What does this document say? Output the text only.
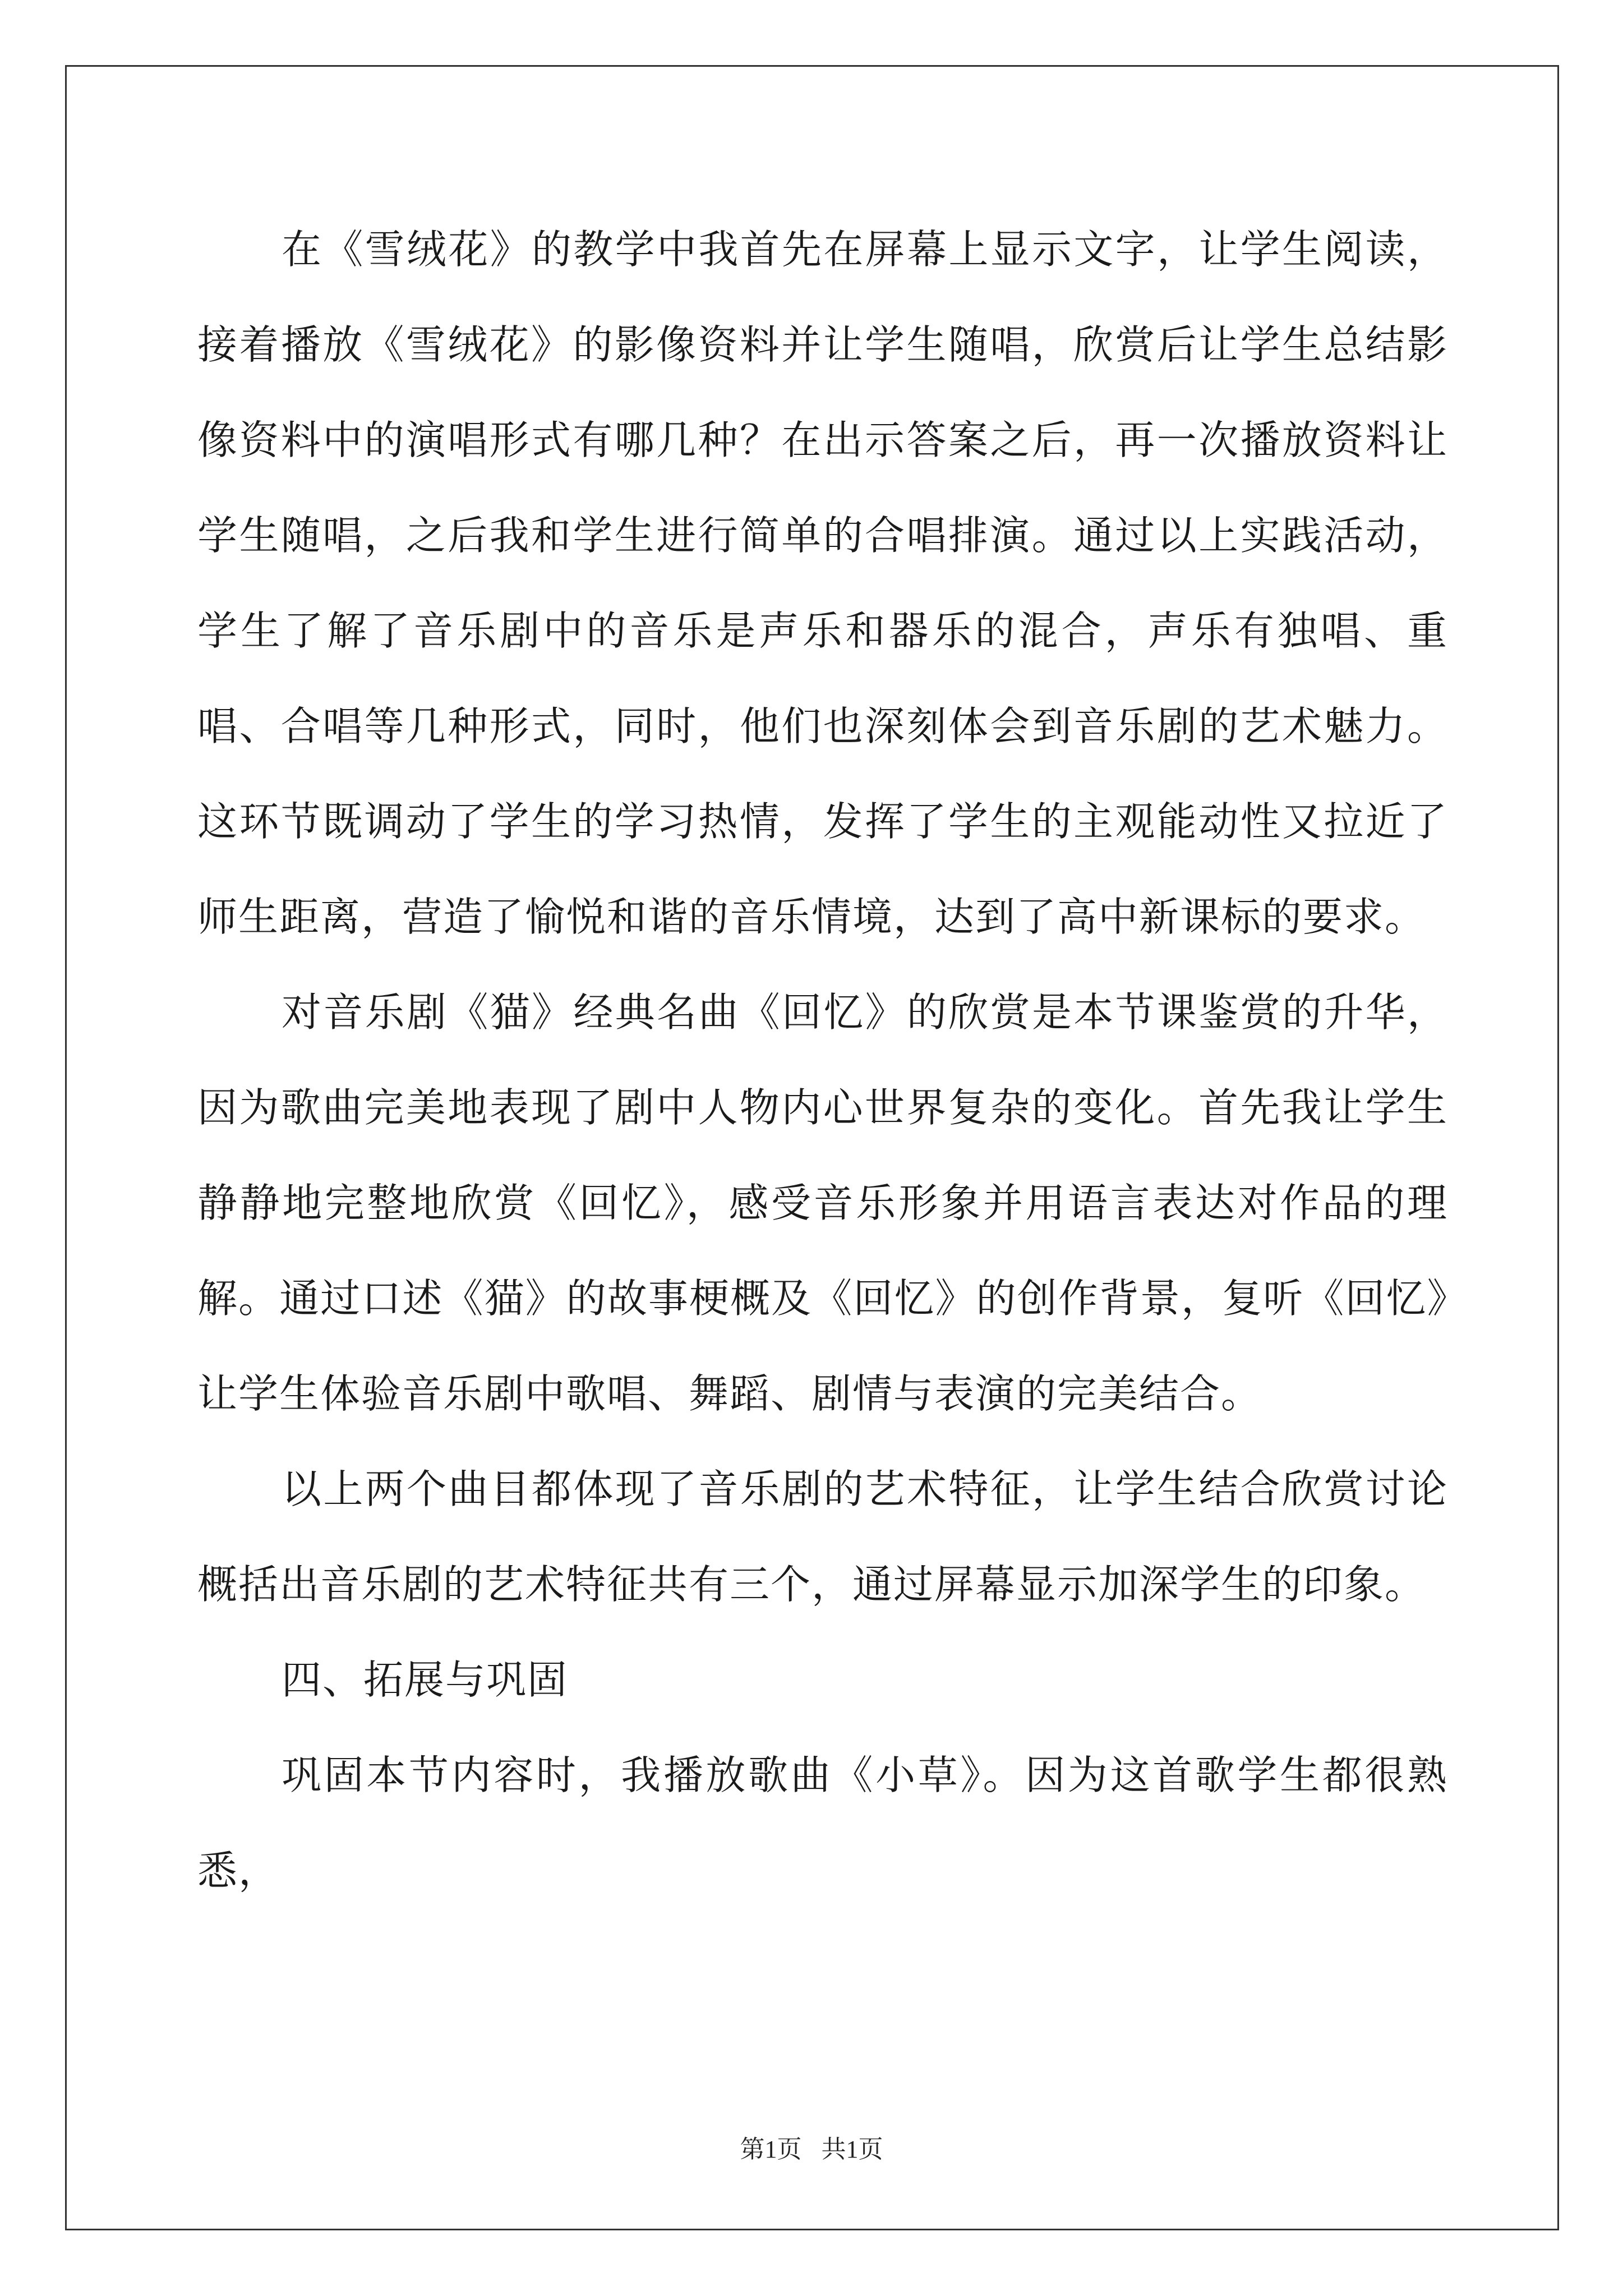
在《雪绒花》的教学中我首先在屏幕上显示文字，让学生阅读，接着播放《雪绒花》的影像资料并让学生随唱，欣赏后让学生总结影像资料中的演唱形式有哪几种？在出示答案之后，再一次播放资料让学生随唱，之后我和学生进行简单的合唱排演。通过以上实践活动，学生了解了音乐剧中的音乐是声乐和器乐的混合，声乐有独唱、重唱、合唱等几种形式，同时，他们也深刻体会到音乐剧的艺术魅力。这环节既调动了学生的学习热情，发挥了学生的主观能动性又拉近了师生距离，营造了愉悦和谐的音乐情境，达到了高中新课标的要求。

对音乐剧《猫》经典名曲《回忆》的欣赏是本节课鉴赏的升华，因为歌曲完美地表现了剧中人物内心世界复杂的变化。首先我让学生静静地完整地欣赏《回忆》，感受音乐形象并用语言表达对作品的理解。通过口述《猫》的故事梗概及《回忆》的创作背景，复听《回忆》让学生体验音乐剧中歌唱、舞蹈、剧情与表演的完美结合。

以上两个曲目都体现了音乐剧的艺术特征，让学生结合欣赏讨论概括出音乐剧的艺术特征共有三个，通过屏幕显示加深学生的印象。

四、拓展与巩固

巩固本节内容时，我播放歌曲《小草》。因为这首歌学生都很熟悉，

第1页 共1页
